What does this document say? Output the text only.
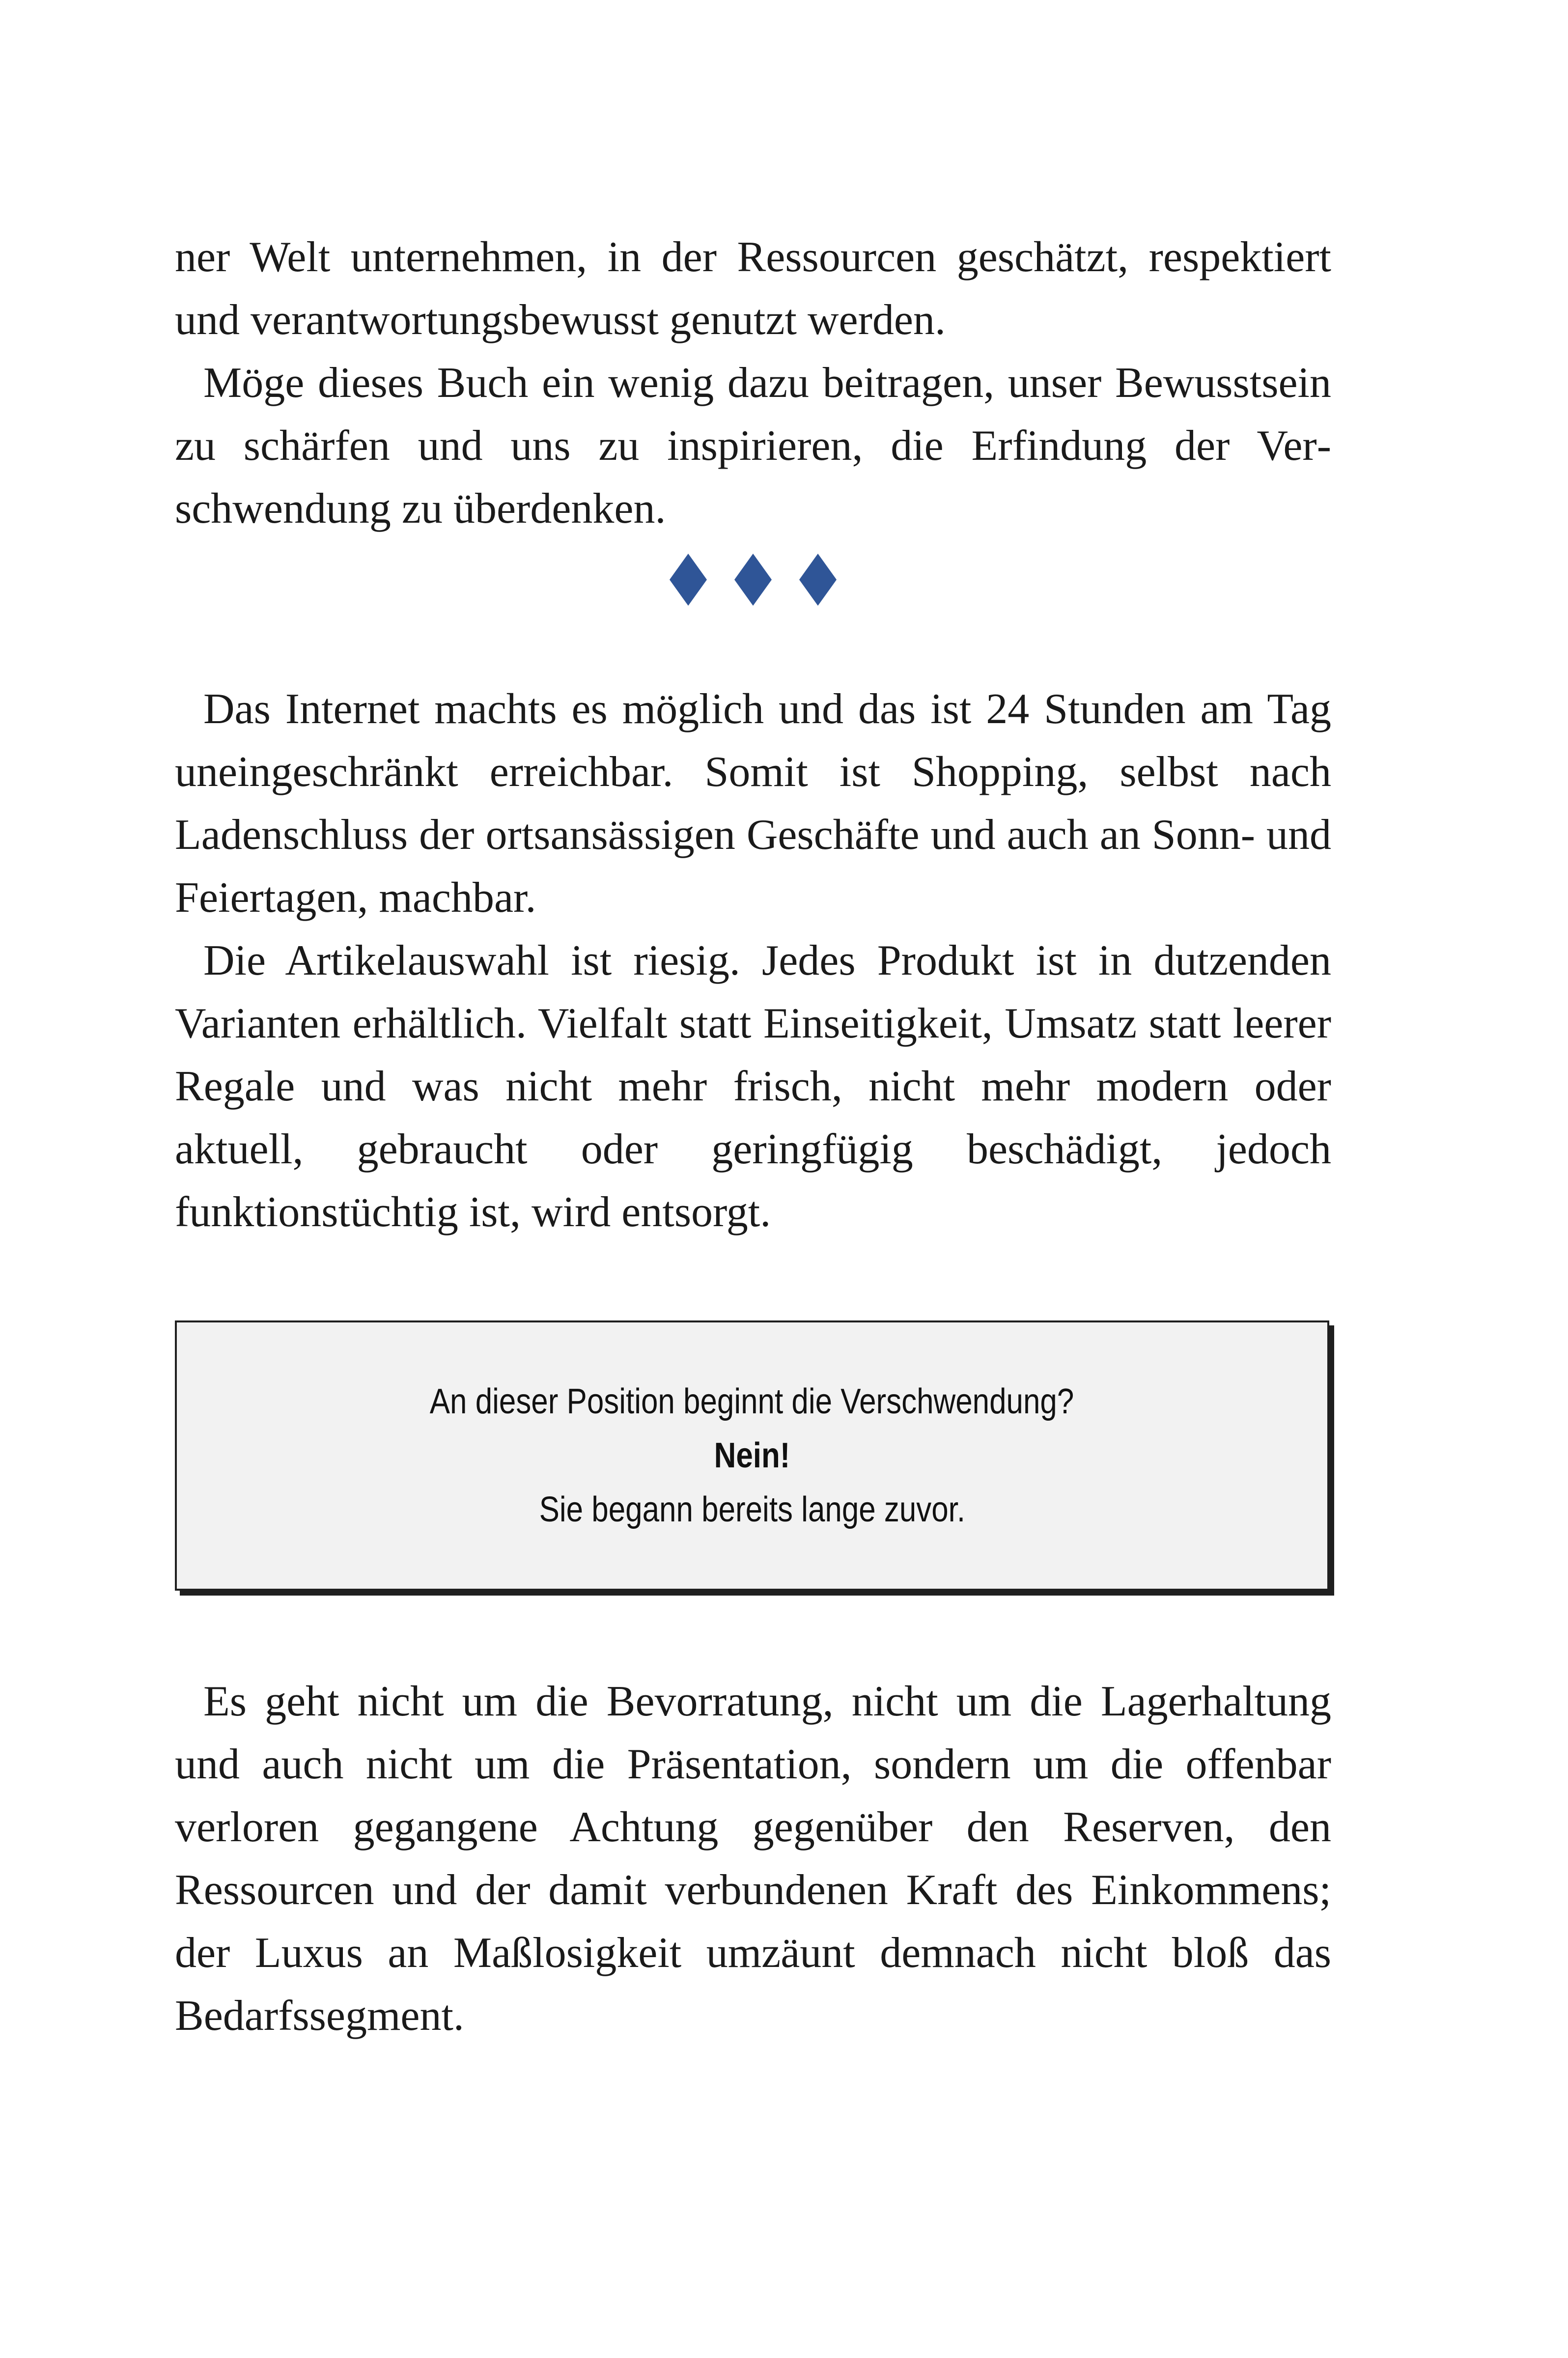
ner Welt unternehmen, in der Ressourcen geschätzt, respektiert und verantwortungsbewusst genutzt werden.

Möge dieses Buch ein wenig dazu beitragen, unser Bewusstsein zu schärfen und uns zu inspirieren, die Erfindung der Verschwendung zu überdenken.

Das Internet machts es möglich und das ist 24 Stunden am Tag uneingeschränkt erreichbar. Somit ist Shopping, selbst nach Ladenschluss der ortsansässigen Geschäfte und auch an Sonn- und Feiertagen, machbar.

Die Artikelauswahl ist riesig. Jedes Produkt ist in dutzenden Varianten erhältlich. Vielfalt statt Einseitigkeit, Umsatz statt leerer Regale und was nicht mehr frisch, nicht mehr modern oder aktuell, gebraucht oder geringfügig beschädigt, jedoch funktionstüchtig ist, wird entsorgt.

An dieser Position beginnt die Verschwendung?
Nein!
Sie begann bereits lange zuvor.

Es geht nicht um die Bevorratung, nicht um die Lagerhaltung und auch nicht um die Präsentation, sondern um die offenbar verloren gegangene Achtung gegenüber den Reserven, den Ressourcen und der damit verbundenen Kraft des Einkommens; der Luxus an Maßlosigkeit umzäunt demnach nicht bloß das Bedarfssegment.
